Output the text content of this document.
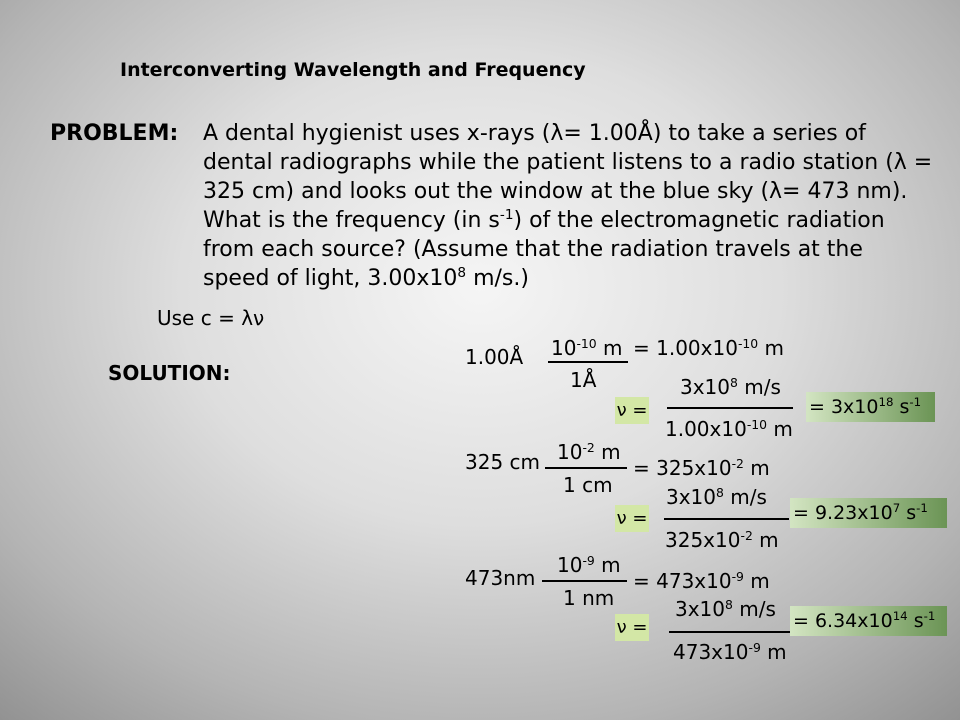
Interconverting Wavelength and Frequency
PROBLEM: A dental hygienist uses x-rays (λ= 1.00Å) to take a series of
dental radiographs while the patient listens to a radio station (λ =
325 cm) and looks out the window at the blue sky (λ= 473 nm).
What is the frequency (in $s^{-1}$) of the electromagnetic radiation
from each source? (Assume that the radiation travels at the
speed of light, $3.00x10^8$ m/s.)
Use c = λν
SOLUTION:
1.00Å $10^{-10}$ m
1Å
= $1.00x10^{-10}$ m
ν =
$3x10^8$ m/s
$1.00x10^{-10}$ m
= $3x10^{18}$ $s^{-1}$
325 cm $10^{-2}$ m
1 cm
= $325x10^{-2}$ m
ν =
$3x10^8$ m/s
$325x10^{-2}$ m
= $9.23x10^7$ $s^{-1}$
473nm
$10^{-9}$ m
1 nm
= $473x10^{-9}$ m
ν =
$3x10^8$ m/s
$473x10^{-9}$ m
= $6.34x10^{14}$ $s^{-1}$
